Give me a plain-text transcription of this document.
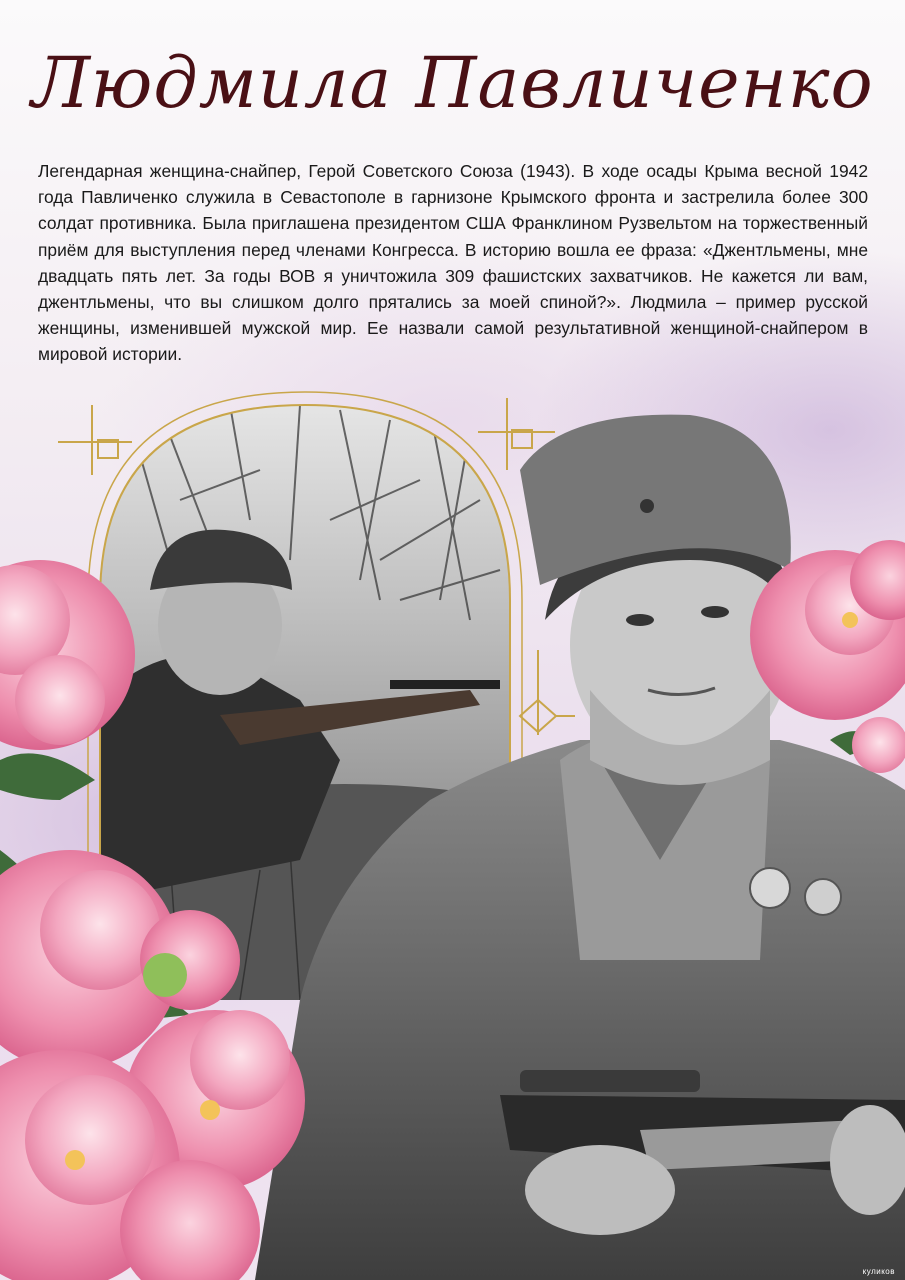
Людмила Павличенко
Легендарная женщина-снайпер, Герой Советского Союза (1943). В ходе осады Крыма весной 1942 года Павличенко служила в Севастополе в гарнизоне Крымского фронта и застрелила более 300 солдат противника. Была приглашена президентом США Франклином Рузвельтом на торжественный приём для выступления перед членами Конгресса. В историю вошла ее фраза: «Джентльмены, мне двадцать пять лет. За годы ВОВ я уничтожила 309 фашистских захватчиков. Не кажется ли вам, джентльмены, что вы слишком долго прятались за моей спиной?». Людмила – пример русской женщины, изменившей мужской мир. Ее назвали самой результативной женщиной-снайпером в мировой истории.
куликов
